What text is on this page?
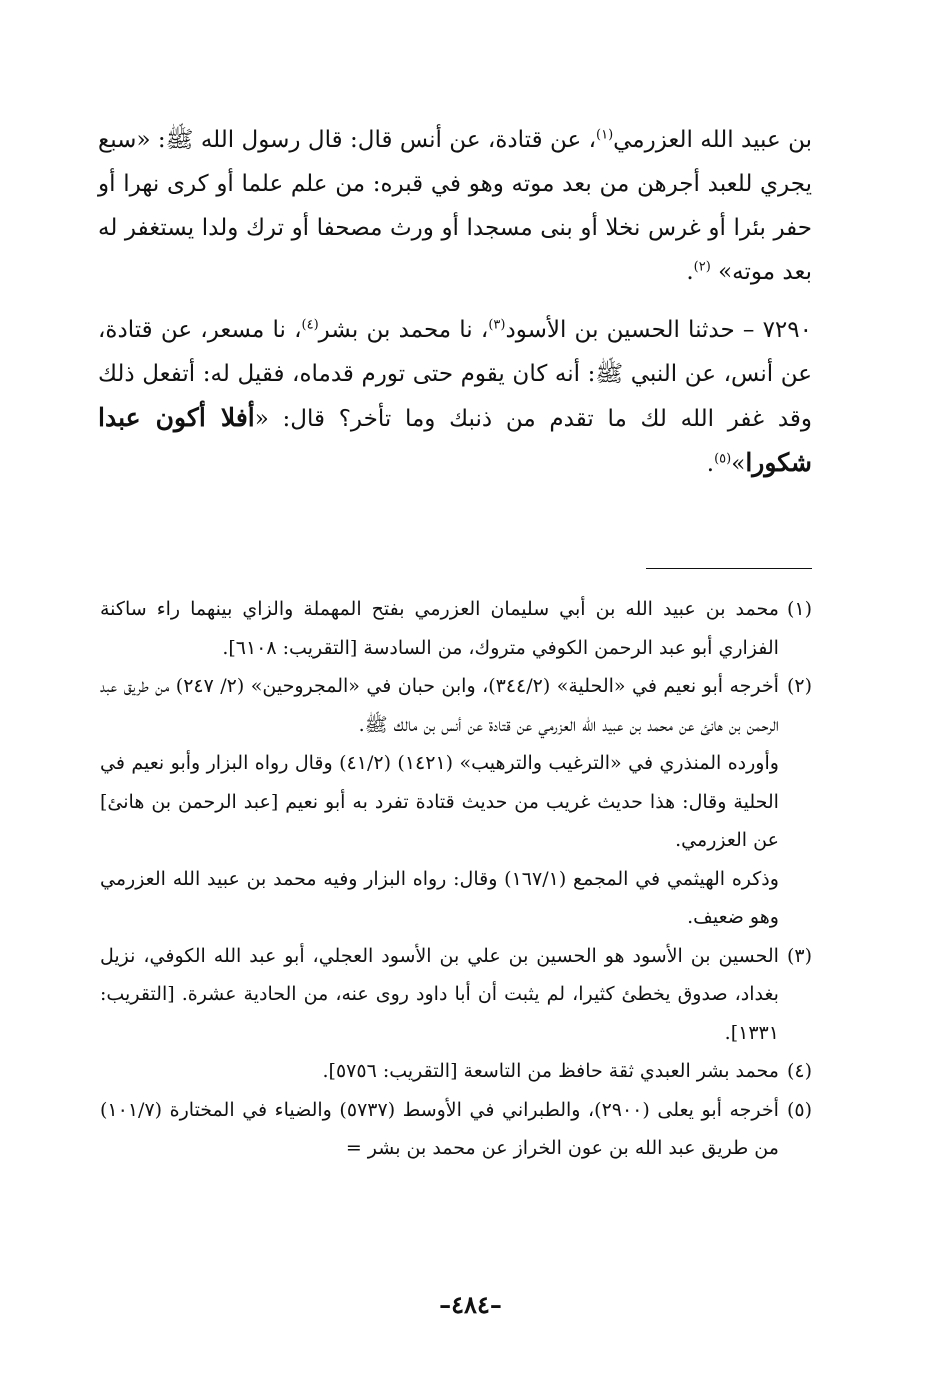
بن عبيد الله العزرمي$^{(١)}$، عن قتادة، عن أنس قال: قال رسول الله ﷺ: «سبع يجري للعبد أجرهن من بعد موته وهو في قبره: من علم علما أو كرى نهرا أو حفر بئرا أو غرس نخلا أو بنى مسجدا أو ورث مصحفا أو ترك ولدا يستغفر له بعد موته» $^{(٢)}$.

٧٢٩٠ – حدثنا الحسين بن الأسود$^{(٣)}$، نا محمد بن بشر$^{(٤)}$، نا مسعر، عن قتادة، عن أنس، عن النبي ﷺ: أنه كان يقوم حتى تورم قدماه، فقيل له: أتفعل ذلك وقد غفر الله لك ما تقدم من ذنبك وما تأخر؟ قال: «أفلا أكون عبدا شكورا»$^{(٥)}$.

(١)

محمد بن عبيد الله بن أبي سليمان العزرمي بفتح المهملة والزاي بينهما راء ساكنة الفزاري أبو عبد الرحمن الكوفي متروك، من السادسة [التقريب: ٦١٠٨].

(٢)

أخرجه أبو نعيم في «الحلية» (٣٤٤/٢)، وابن حبان في «المجروحين» (٢/ ٢٤٧) من طريق عبد الرحمن بن هانئ عن محمد بن عبيد الله العزرمي عن قتادة عن أنس بن مالك ﷺ.

وأورده المنذري في «الترغيب والترهيب» (١٤٢١) (٤١/٢) وقال رواه البزار وأبو نعيم في الحلية وقال: هذا حديث غريب من حديث قتادة تفرد به أبو نعيم [عبد الرحمن بن هانئ] عن العزرمي.

وذكره الهيثمي في المجمع (١٦٧/١) وقال: رواه البزار وفيه محمد بن عبيد الله العزرمي وهو ضعيف.

(٣)

الحسين بن الأسود هو الحسين بن علي بن الأسود العجلي، أبو عبد الله الكوفي، نزيل بغداد، صدوق يخطئ كثيرا، لم يثبت أن أبا داود روى عنه، من الحادية عشرة. [التقريب: ١٣٣١].

(٤)

محمد بشر العبدي ثقة حافظ من التاسعة [التقريب: ٥٧٥٦].

(٥)

أخرجه أبو يعلى (٢٩٠٠)، والطبراني في الأوسط (٥٧٣٧) والضياء في المختارة (١٠١/٧) من طريق عبد الله بن عون الخراز عن محمد بن بشر =

–٤٨٤–
